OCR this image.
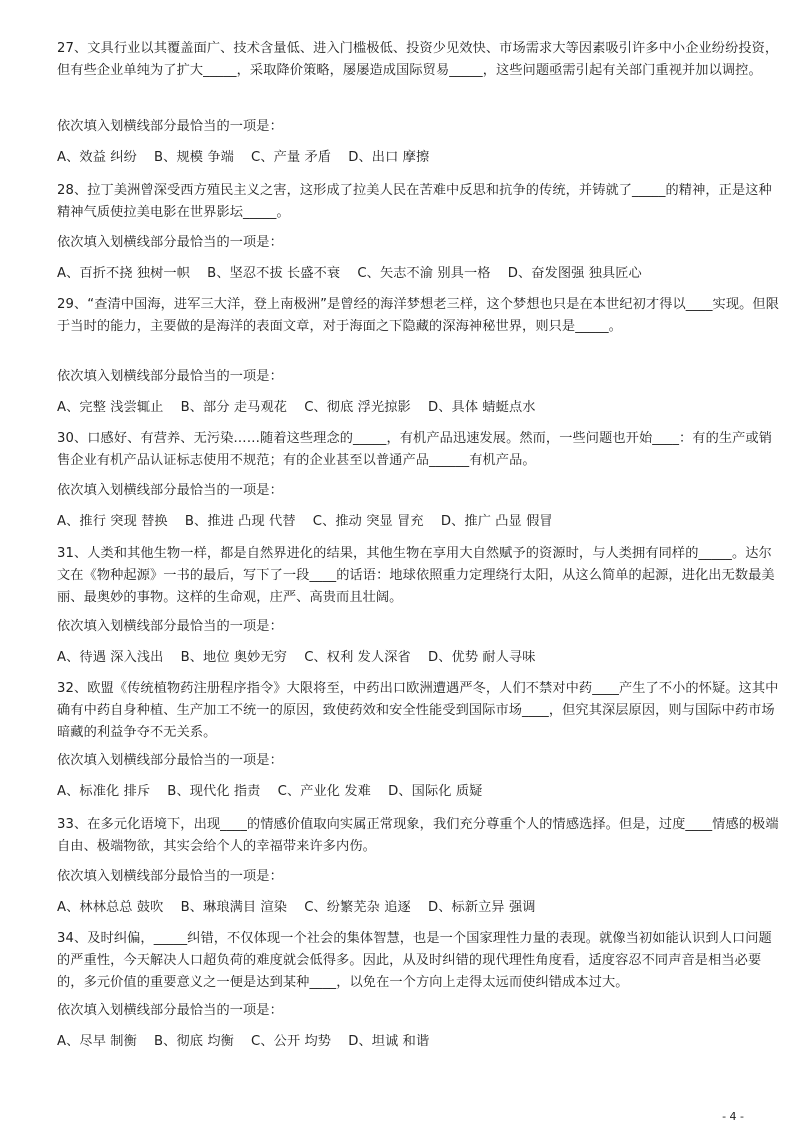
27、文具行业以其覆盖面广、技术含量低、进入门槛极低、投资少见效快、市场需求大等因素吸引许多中小企业纷纷投资，但有些企业单纯为了扩大_____，采取降价策略，屡屡造成国际贸易_____，这些问题亟需引起有关部门重视并加以调控。
依次填入划横线部分最恰当的一项是：
A、效益 纠纷    B、规模 争端    C、产量 矛盾    D、出口 摩擦
28、拉丁美洲曾深受西方殖民主义之害，这形成了拉美人民在苦难中反思和抗争的传统，并铸就了_____的精神，正是这种精神气质使拉美电影在世界影坛_____。
依次填入划横线部分最恰当的一项是：
A、百折不挠 独树一帜    B、坚忍不拔 长盛不衰    C、矢志不渝 别具一格    D、奋发图强 独具匠心
29、“查清中国海，进军三大洋，登上南极洲”是曾经的海洋梦想老三样，这个梦想也只是在本世纪初才得以____实现。但限于当时的能力，主要做的是海洋的表面文章，对于海面之下隐藏的深海神秘世界，则只是_____。
依次填入划横线部分最恰当的一项是：
A、完整 浅尝辄止    B、部分 走马观花    C、彻底 浮光掠影    D、具体 蜻蜓点水
30、口感好、有营养、无污染……随着这些理念的_____，有机产品迅速发展。然而，一些问题也开始____：有的生产或销售企业有机产品认证标志使用不规范；有的企业甚至以普通产品______有机产品。
依次填入划横线部分最恰当的一项是：
A、推行 突现 替换    B、推进 凸现 代替    C、推动 突显 冒充    D、推广 凸显 假冒
31、人类和其他生物一样，都是自然界进化的结果，其他生物在享用大自然赋予的资源时，与人类拥有同样的_____。达尔文在《物种起源》一书的最后，写下了一段____的话语：地球依照重力定理绕行太阳，从这么简单的起源，进化出无数最美丽、最奥妙的事物。这样的生命观，庄严、高贵而且壮阔。
依次填入划横线部分最恰当的一项是：
A、待遇 深入浅出    B、地位 奥妙无穷    C、权利 发人深省    D、优势 耐人寻味
32、欧盟《传统植物药注册程序指令》大限将至，中药出口欧洲遭遇严冬，人们不禁对中药____产生了不小的怀疑。这其中确有中药自身种植、生产加工不统一的原因，致使药效和安全性能受到国际市场____，但究其深层原因，则与国际中药市场暗藏的利益争夺不无关系。
依次填入划横线部分最恰当的一项是：
A、标准化 排斥    B、现代化 指责    C、产业化 发难    D、国际化 质疑
33、在多元化语境下，出现____的情感价值取向实属正常现象，我们充分尊重个人的情感选择。但是，过度____情感的极端自由、极端物欲，其实会给个人的幸福带来许多内伤。
依次填入划横线部分最恰当的一项是：
A、林林总总 鼓吹    B、琳琅满目 渲染    C、纷繁芜杂 追逐    D、标新立异 强调
34、及时纠偏，_____纠错，不仅体现一个社会的集体智慧，也是一个国家理性力量的表现。就像当初如能认识到人口问题的严重性，今天解决人口超负荷的难度就会低得多。因此，从及时纠错的现代理性角度看，适度容忍不同声音是相当必要的，多元价值的重要意义之一便是达到某种____，以免在一个方向上走得太远而使纠错成本过大。
依次填入划横线部分最恰当的一项是：
A、尽早 制衡    B、彻底 均衡    C、公开 均势    D、坦诚 和谐
- 4 -
